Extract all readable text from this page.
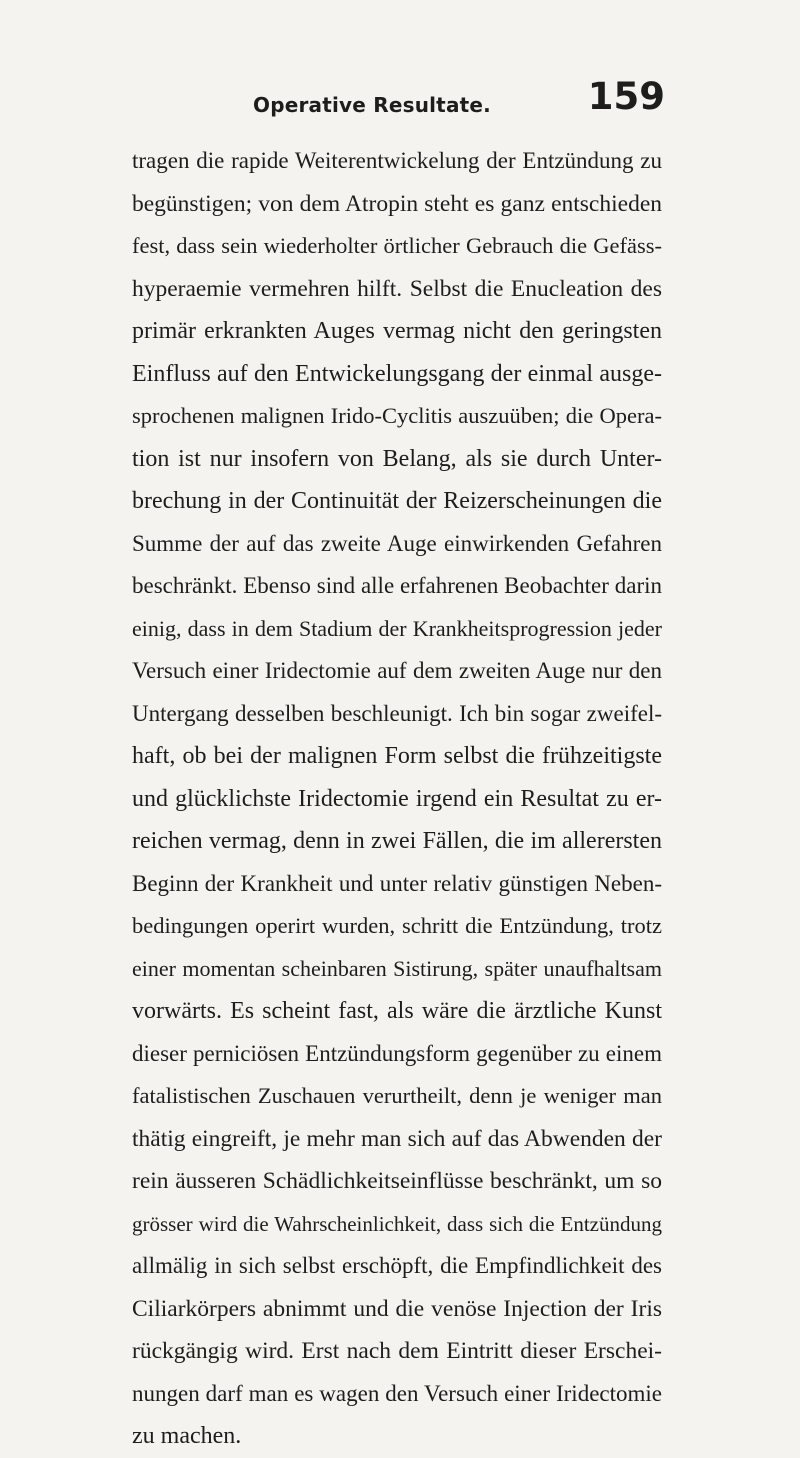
Operative Resultate.	159
tragen die rapide Weiterentwickelung der Entzündung zu
begünstigen; von dem Atropin steht es ganz entschieden
fest, dass sein wiederholter örtlicher Gebrauch die Gefäss-
hyperaemie vermehren hilft. Selbst die Enucleation des
primär erkrankten Auges vermag nicht den geringsten
Einfluss auf den Entwickelungsgang der einmal ausge-
sprochenen malignen Irido-Cyclitis auszuüben; die Opera-
tion ist nur insofern von Belang, als sie durch Unter-
brechung in der Continuität der Reizerscheinungen die
Summe der auf das zweite Auge einwirkenden Gefahren
beschränkt. Ebenso sind alle erfahrenen Beobachter darin
einig, dass in dem Stadium der Krankheitsprogression jeder
Versuch einer Iridectomie auf dem zweiten Auge nur den
Untergang desselben beschleunigt. Ich bin sogar zweifel-
haft, ob bei der malignen Form selbst die frühzeitigste
und glücklichste Iridectomie irgend ein Resultat zu er-
reichen vermag, denn in zwei Fällen, die im allerersten
Beginn der Krankheit und unter relativ günstigen Neben-
bedingungen operirt wurden, schritt die Entzündung, trotz
einer momentan scheinbaren Sistirung, später unaufhaltsam
vorwärts. Es scheint fast, als wäre die ärztliche Kunst
dieser perniciösen Entzündungsform gegenüber zu einem
fatalistischen Zuschauen verurtheilt, denn je weniger man
thätig eingreift, je mehr man sich auf das Abwenden der
rein äusseren Schädlichkeitseinflüsse beschränkt, um so
grösser wird die Wahrscheinlichkeit, dass sich die Entzündung
allmälig in sich selbst erschöpft, die Empfindlichkeit des
Ciliarkörpers abnimmt und die venöse Injection der Iris
rückgängig wird. Erst nach dem Eintritt dieser Erschei-
nungen darf man es wagen den Versuch einer Iridectomie
zu machen.
